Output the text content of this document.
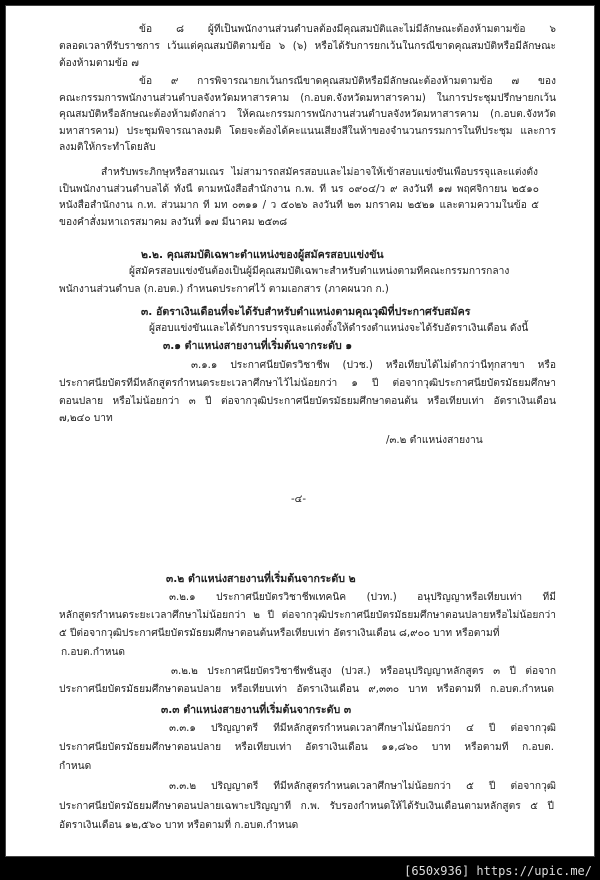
ข้อ ๘ ผู้ที่เป็นพนักงานส่วนตำบลต้องมีคุณสมบัติและไม่มีลักษณะต้องห้ามตามข้อ ๖
ตลอดเวลาที่รับราชการ เว้นแต่คุณสมบัติตามข้อ ๖ (๖) หรือได้รับการยกเว้นในกรณีขาดคุณสมบัติหรือมีลักษณะ
ต้องห้ามตามข้อ ๗
ข้อ ๙ การพิจารณายกเว้นกรณีขาดคุณสมบัติหรือมีลักษณะต้องห้ามตามข้อ ๗ ของ
คณะกรรมการพนักงานส่วนตำบลจังหวัดมหาสารคาม (ก.อบต.จังหวัดมหาสารคาม) ในการประชุมปรึกษายกเว้น
คุณสมบัติหรือลักษณะต้องห้ามดังกล่าว ให้คณะกรรมการพนักงานส่วนตำบลจังหวัดมหาสารคาม (ก.อบต.จังหวัด
มหาสารคาม) ประชุมพิจารณาลงมติ โดยจะต้องได้คะแนนเสียงสี่ในห้าของจำนวนกรรมการในที่ประชุม และการ
ลงมติให้กระทำโดยลับ
สำหรับพระภิกษุหรือสามเณร ไม่สามารถสมัครสอบและไม่อาจให้เข้าสอบแข่งขันเพื่อบรรจุและแต่งตั้ง
เป็นพนักงานส่วนตำบลได้ ทั้งนี้ ตามหนังสือสำนักงาน ก.พ. ที่ นร ๐๙๐๔/ว ๙ ลงวันที่ ๑๗ พฤศจิกายน ๒๕๑๐
หนังสือสำนักงาน ก.ท. ส่วนมาก ที่ มท ๐๓๑๑ / ว ๕๐๒๖ ลงวันที่ ๒๓ มกราคม ๒๕๒๑ และตามความในข้อ ๕
ของคำสั่งมหาเถรสมาคม ลงวันที่ ๑๗ มีนาคม ๒๕๓๘
๒.๒. คุณสมบัติเฉพาะตำแหน่งของผู้สมัครสอบแข่งขัน
ผู้สมัครสอบแข่งขันต้องเป็นผู้มีคุณสมบัติเฉพาะสำหรับตำแหน่งตามที่คณะกรรมการกลาง
พนักงานส่วนตำบล (ก.อบต.) กำหนดประกาศไว้ ตามเอกสาร (ภาคผนวก ก.)
๓. อัตราเงินเดือนที่จะได้รับสำหรับตำแหน่งตามคุณวุฒิที่ประกาศรับสมัคร
ผู้สอบแข่งขันและได้รับการบรรจุและแต่งตั้งให้ดำรงตำแหน่งจะได้รับอัตราเงินเดือน ดังนี้
๓.๑ ตำแหน่งสายงานที่เริ่มต้นจากระดับ ๑
๓.๑.๑ ประกาศนียบัตรวิชาชีพ (ปวช.) หรือเทียบได้ไม่ต่ำกว่านี้ทุกสาขา หรือ
ประกาศนียบัตรที่มีหลักสูตรกำหนดระยะเวลาศึกษาไว้ไม่น้อยกว่า ๑ ปี ต่อจากวุฒิประกาศนียบัตรมัธยมศึกษา
ตอนปลาย หรือไม่น้อยกว่า ๓ ปี ต่อจากวุฒิประกาศนียบัตรมัธยมศึกษาตอนต้น หรือเทียบเท่า อัตราเงินเดือน
๗,๒๔๐ บาท
/๓.๒ ตำแหน่งสายงาน
-๔-
๓.๒ ตำแหน่งสายงานที่เริ่มต้นจากระดับ ๒
๓.๒.๑ ประกาศนียบัตรวิชาชีพเทคนิค (ปวท.) อนุปริญญาหรือเทียบเท่า ที่มี
หลักสูตรกำหนดระยะเวลาศึกษาไม่น้อยกว่า ๒ ปี ต่อจากวุฒิประกาศนียบัตรมัธยมศึกษาตอนปลายหรือไม่น้อยกว่า
๕ ปีต่อจากวุฒิประกาศนียบัตรมัธยมศึกษาตอนต้นหรือเทียบเท่า อัตราเงินเดือน ๘,๙๐๐ บาท หรือตามที่
ก.อบต.กำหนด
๓.๒.๒ ประกาศนียบัตรวิชาชีพชั้นสูง (ปวส.) หรืออนุปริญญาหลักสูตร ๓ ปี ต่อจาก
ประกาศนียบัตรมัธยมศึกษาตอนปลาย หรือเทียบเท่า อัตราเงินเดือน ๙,๓๓๐ บาท หรือตามที่ ก.อบต.กำหนด
๓.๓ ตำแหน่งสายงานที่เริ่มต้นจากระดับ ๓
๓.๓.๑ ปริญญาตรี ที่มีหลักสูตรกำหนดเวลาศึกษาไม่น้อยกว่า ๔ ปี ต่อจากวุฒิ
ประกาศนียบัตรมัธยมศึกษาตอนปลาย หรือเทียบเท่า อัตราเงินเดือน ๑๑,๘๖๐ บาท หรือตามที่ ก.อบต.
กำหนด
๓.๓.๒ ปริญญาตรี ที่มีหลักสูตรกำหนดเวลาศึกษาไม่น้อยกว่า ๕ ปี ต่อจากวุฒิ
ประกาศนียบัตรมัธยมศึกษาตอนปลายเฉพาะปริญญาที่ ก.พ. รับรองกำหนดให้ได้รับเงินเดือนตามหลักสูตร ๕ ปี
อัตราเงินเดือน ๑๒,๕๖๐ บาท หรือตามที่ ก.อบต.กำหนด
[650x936] https://upic.me/
